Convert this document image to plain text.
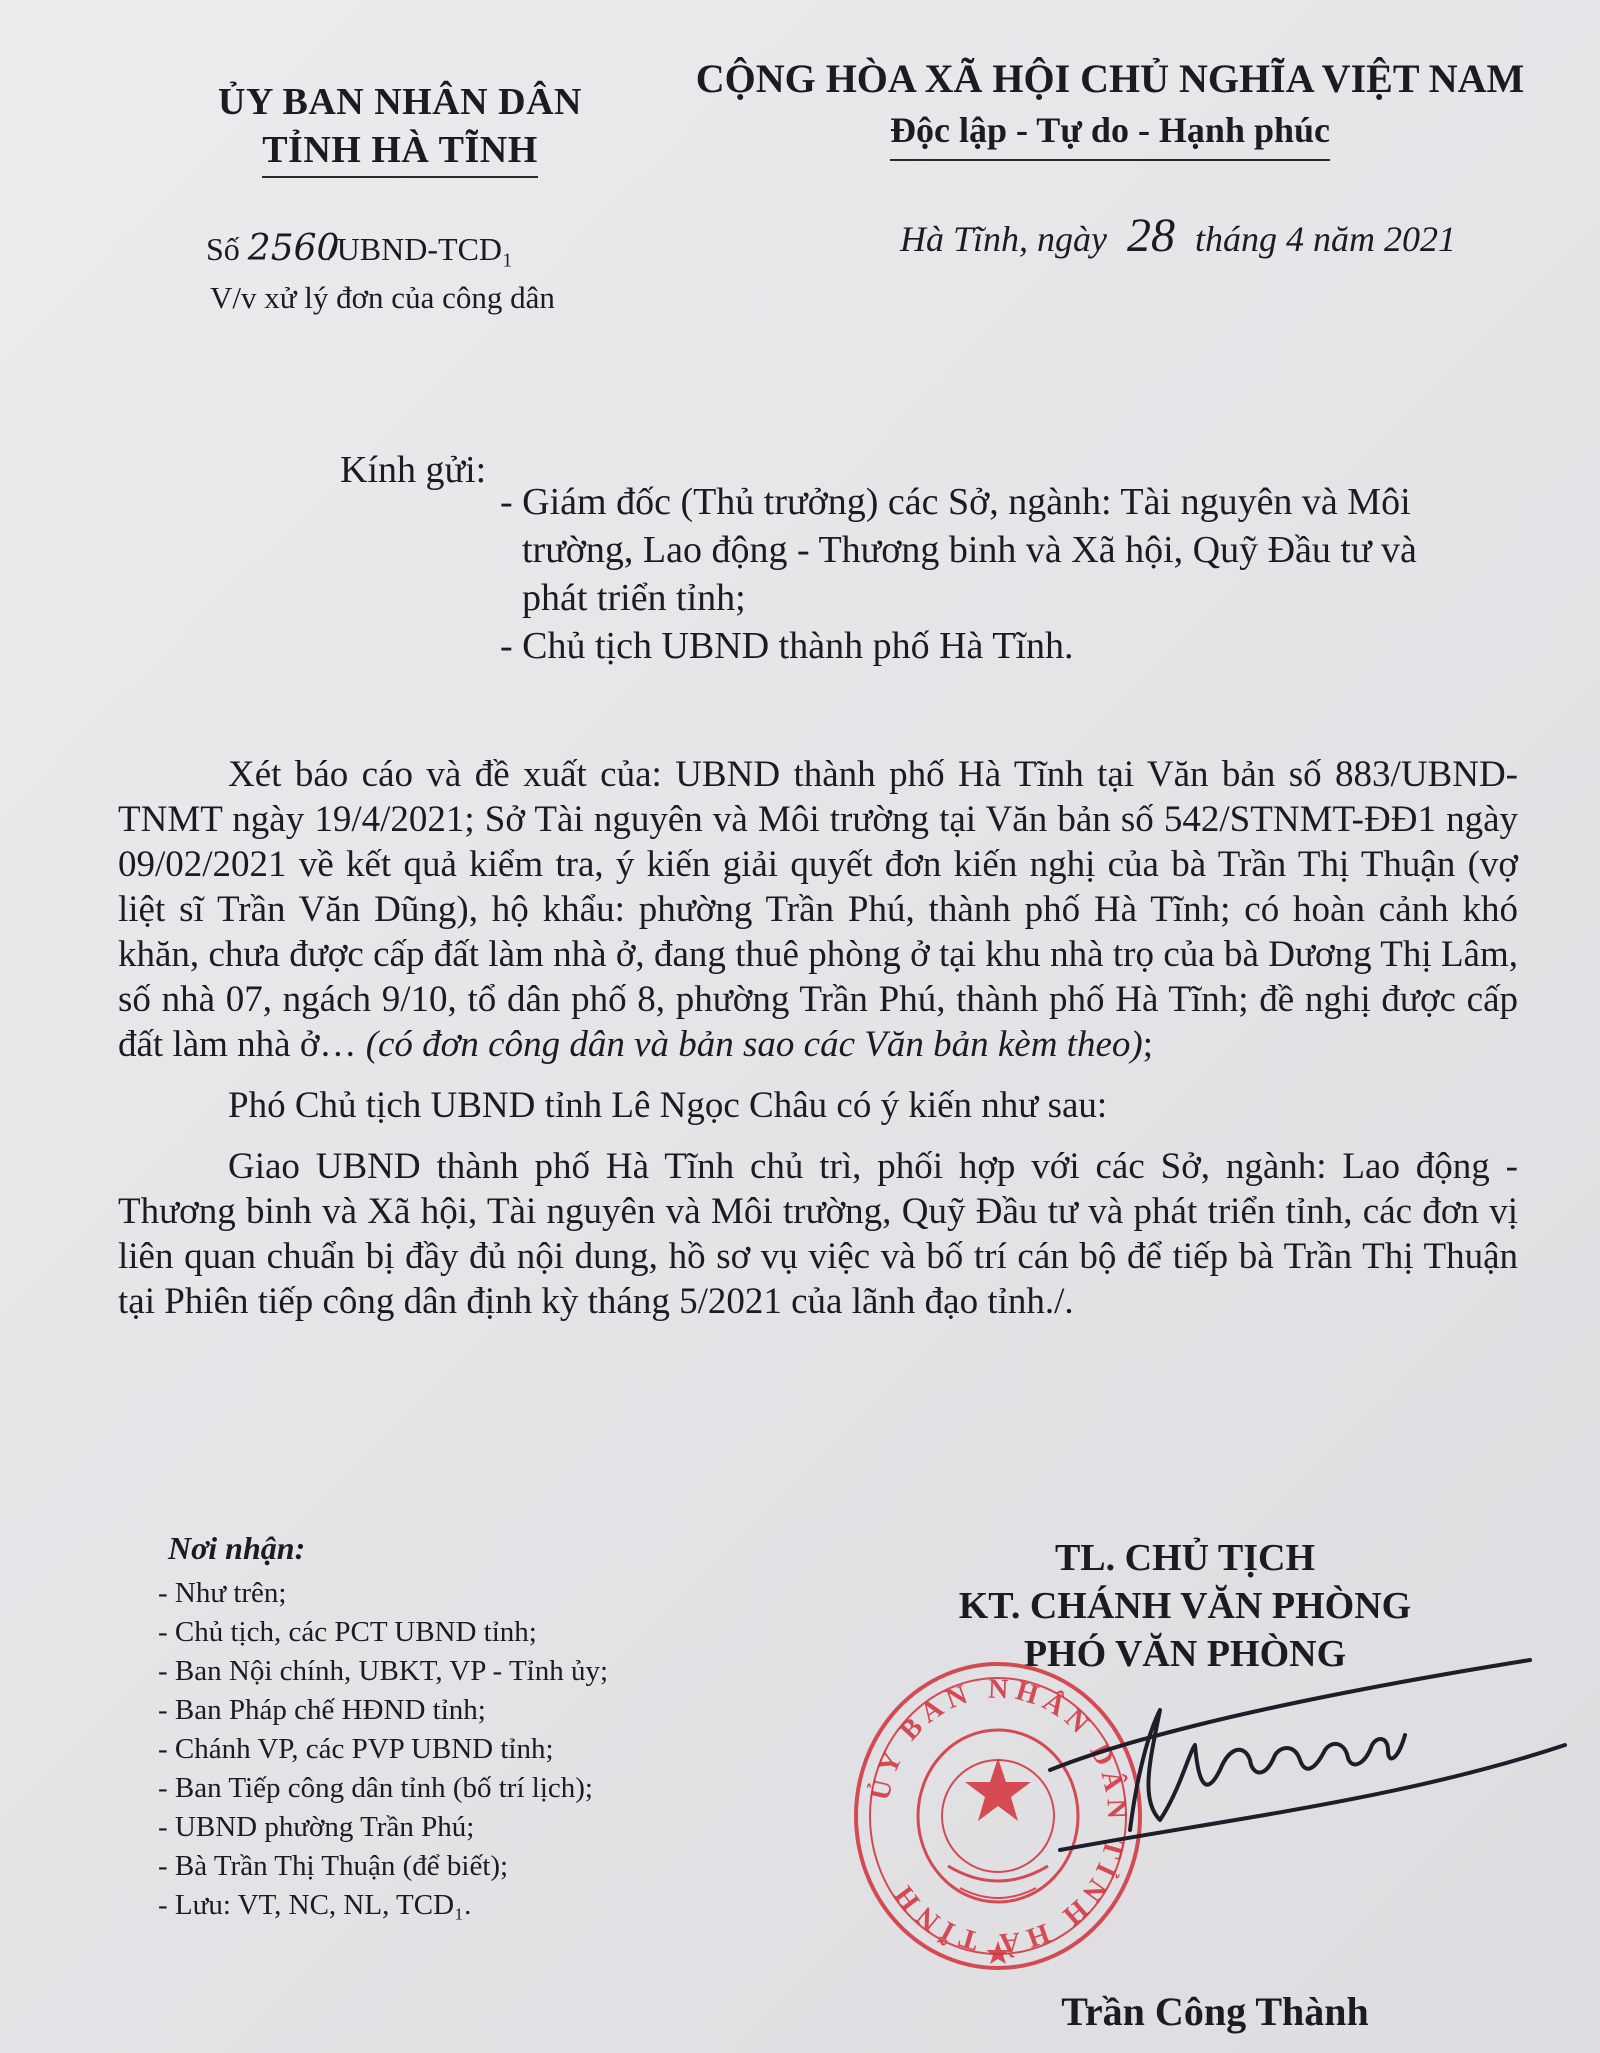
ỦY BAN NHÂN DÂN
TỈNH HÀ TĨNH
CỘNG HÒA XÃ HỘI CHỦ NGHĨA VIỆT NAM
Độc lập - Tự do - Hạnh phúc
Số 2560/UBND-TCD₁
V/v xử lý đơn của công dân
Hà Tĩnh, ngày 28 tháng 4 năm 2021
Kính gửi:
- Giám đốc (Thủ trưởng) các Sở, ngành: Tài nguyên và Môi trường, Lao động - Thương binh và Xã hội, Quỹ Đầu tư và phát triển tỉnh;
- Chủ tịch UBND thành phố Hà Tĩnh.

Xét báo cáo và đề xuất của: UBND thành phố Hà Tĩnh tại Văn bản số 883/UBND-TNMT ngày 19/4/2021; Sở Tài nguyên và Môi trường tại Văn bản số 542/STNMT-ĐĐ1 ngày 09/02/2021 về kết quả kiểm tra, ý kiến giải quyết đơn kiến nghị của bà Trần Thị Thuận (vợ liệt sĩ Trần Văn Dũng), hộ khẩu: phường Trần Phú, thành phố Hà Tĩnh; có hoàn cảnh khó khăn, chưa được cấp đất làm nhà ở, đang thuê phòng ở tại khu nhà trọ của bà Dương Thị Lâm, số nhà 07, ngách 9/10, tổ dân phố 8, phường Trần Phú, thành phố Hà Tĩnh; đề nghị được cấp đất làm nhà ở… (có đơn công dân và bản sao các Văn bản kèm theo);

Phó Chủ tịch UBND tỉnh Lê Ngọc Châu có ý kiến như sau:

Giao UBND thành phố Hà Tĩnh chủ trì, phối hợp với các Sở, ngành: Lao động - Thương binh và Xã hội, Tài nguyên và Môi trường, Quỹ Đầu tư và phát triển tỉnh, các đơn vị liên quan chuẩn bị đầy đủ nội dung, hồ sơ vụ việc và bố trí cán bộ để tiếp bà Trần Thị Thuận tại Phiên tiếp công dân định kỳ tháng 5/2021 của lãnh đạo tỉnh./.

Nơi nhận:
- Như trên;
- Chủ tịch, các PCT UBND tỉnh;
- Ban Nội chính, UBKT, VP - Tỉnh ủy;
- Ban Pháp chế HĐND tỉnh;
- Chánh VP, các PVP UBND tỉnh;
- Ban Tiếp công dân tỉnh (bố trí lịch);
- UBND phường Trần Phú;
- Bà Trần Thị Thuận (để biết);
- Lưu: VT, NC, NL, TCD₁.
TL. CHỦ TỊCH
KT. CHÁNH VĂN PHÒNG
PHÓ VĂN PHÒNG
ỦY BAN NHÂN DÂN TỈNH HÀ TĨNH
Trần Công Thành
